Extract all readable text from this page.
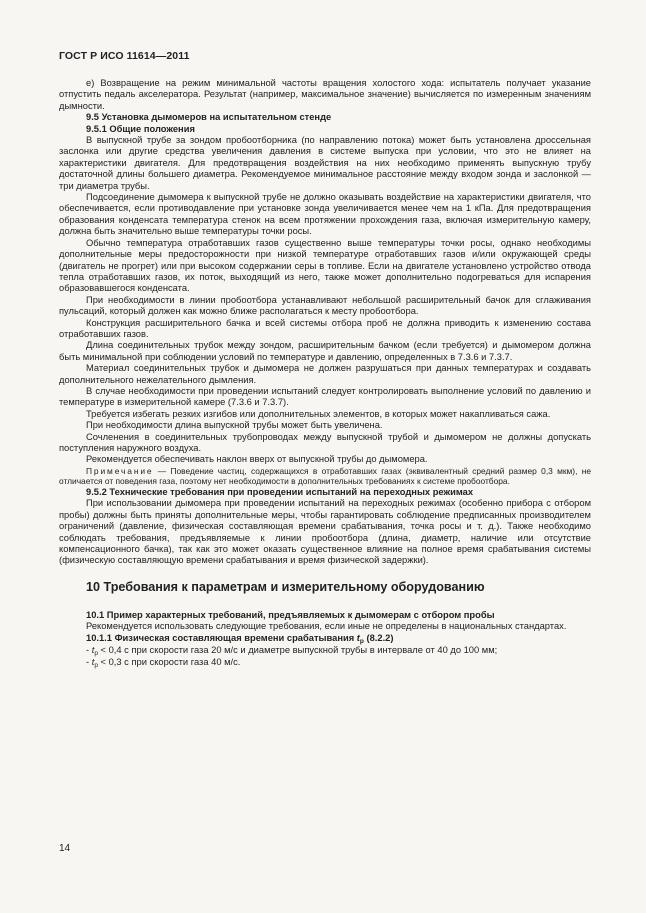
ГОСТ Р ИСО 11614—2011

е) Возвращение на режим минимальной частоты вращения холостого хода: испытатель получает указание отпустить педаль акселератора. Результат (например, максимальное значение) вычисляется по измеренным значениям дымности.

9.5 Установка дымомеров на испытательном стенде

9.5.1 Общие положения

В выпускной трубе за зондом пробоотборника (по направлению потока) может быть установлена дроссельная заслонка или другие средства увеличения давления в системе выпуска при условии, что это не влияет на характеристики двигателя. Для предотвращения воздействия на них необходимо применять выпускную трубу достаточной длины большего диаметра. Рекомендуемое минимальное расстояние между входом зонда и заслонкой — три диаметра трубы.

Подсоединение дымомера к выпускной трубе не должно оказывать воздействие на характеристики двигателя, что обеспечивается, если противодавление при установке зонда увеличивается менее чем на 1 кПа. Для предотвращения образования конденсата температура стенок на всем протяжении прохождения газа, включая измерительную камеру, должна быть значительно выше температуры точки росы.

Обычно температура отработавших газов существенно выше температуры точки росы, однако необходимы дополнительные меры предосторожности при низкой температуре отработавших газов и/или окружающей среды (двигатель не прогрет) или при высоком содержании серы в топливе. Если на двигателе установлено устройство отвода тепла отработавших газов, их поток, выходящий из него, также может дополнительно подогреваться для испарения образовавшегося конденсата.

При необходимости в линии пробоотбора устанавливают небольшой расширительный бачок для сглаживания пульсаций, который должен как можно ближе располагаться к месту пробоотбора.

Конструкция расширительного бачка и всей системы отбора проб не должна приводить к изменению состава отработавших газов.

Длина соединительных трубок между зондом, расширительным бачком (если требуется) и дымомером должна быть минимальной при соблюдении условий по температуре и давлению, определенных в 7.3.6 и 7.3.7.

Материал соединительных трубок и дымомера не должен разрушаться при данных температурах и создавать дополнительного нежелательного дымления.

В случае необходимости при проведении испытаний следует контролировать выполнение условий по давлению и температуре в измерительной камере (7.3.6 и 7.3.7).

Требуется избегать резких изгибов или дополнительных элементов, в которых может накапливаться сажа.

При необходимости длина выпускной трубы может быть увеличена.

Сочленения в соединительных трубопроводах между выпускной трубой и дымомером не должны допускать поступления наружного воздуха.

Рекомендуется обеспечивать наклон вверх от выпускной трубы до дымомера.

Примечание — Поведение частиц, содержащихся в отработавших газах (эквивалентный средний размер 0,3 мкм), не отличается от поведения газа, поэтому нет необходимости в дополнительных требованиях к системе пробоотбора.

9.5.2 Технические требования при проведении испытаний на переходных режимах

При использовании дымомера при проведении испытаний на переходных режимах (особенно прибора с отбором пробы) должны быть приняты дополнительные меры, чтобы гарантировать соблюдение предписанных производителем ограничений (давление, физическая составляющая времени срабатывания, точка росы и т. д.). Также необходимо соблюдать требования, предъявляемые к линии пробоотбора (длина, диаметр, наличие или отсутствие компенсационного бачка), так как это может оказать существенное влияние на полное время срабатывания системы (физическую составляющую времени срабатывания и время физической задержки).

10 Требования к параметрам и измерительному оборудованию

10.1 Пример характерных требований, предъявляемых к дымомерам с отбором пробы

Рекомендуется использовать следующие требования, если иные не определены в национальных стандартах.

10.1.1 Физическая составляющая времени срабатывания $t_p$ (8.2.2)

- $t_p < 0,4$ с при скорости газа 20 м/с и диаметре выпускной трубы в интервале от 40 до 100 мм;

- $t_p < 0,3$ с при скорости газа 40 м/с.

14
